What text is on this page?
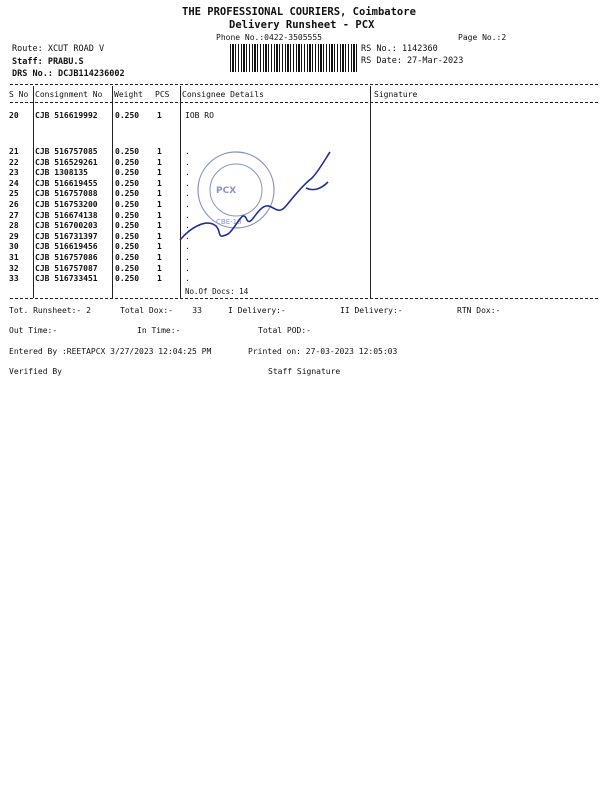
THE PROFESSIONAL COURIERS, Coimbatore
Delivery Runsheet - PCX
Phone No.:0422-3505555	Page No.:2
Route: XCUT ROAD V
Staff: PRABU.S
DRS No.: DCJB114236002
RS No.: 1142360
RS Date: 27-Mar-2023
S No Consignment No Weight PCS Consignee Details	Signature
20 CJB 516619992 0.250 1	IOB RO
21 CJB 516757085 0.250 1	.
22 CJB 516529261 0.250 1	.
23 CJB 1308135	0.250 1	.
24 CJB 516619455 0.250 1	.
25 CJB 516757088 0.250 1	.
26 CJB 516753200 0.250 1	.
27 CJB 516674138 0.250 1	.
28 CJB 516700203 0.250 1	.
29 CJB 516731397 0.250 1	.
30 CJB 516619456 0.250 1	.
31 CJB 516757086 0.250 1	.
32 CJB 516757087 0.250 1	.
33 CJB 516733451 0.250 1	.
No.Of Docs: 14
PCX
CBE-18
Tot. Runsheet:- 2	Total Dox:-    33	I Delivery:-	II Delivery:-	RTN Dox:-
Out Time:-	In Time:-	Total POD:-
Entered By :REETAPCX 3/27/2023 12:04:25 PM	Printed on: 27-03-2023 12:05:03
Verified By	Staff Signature
